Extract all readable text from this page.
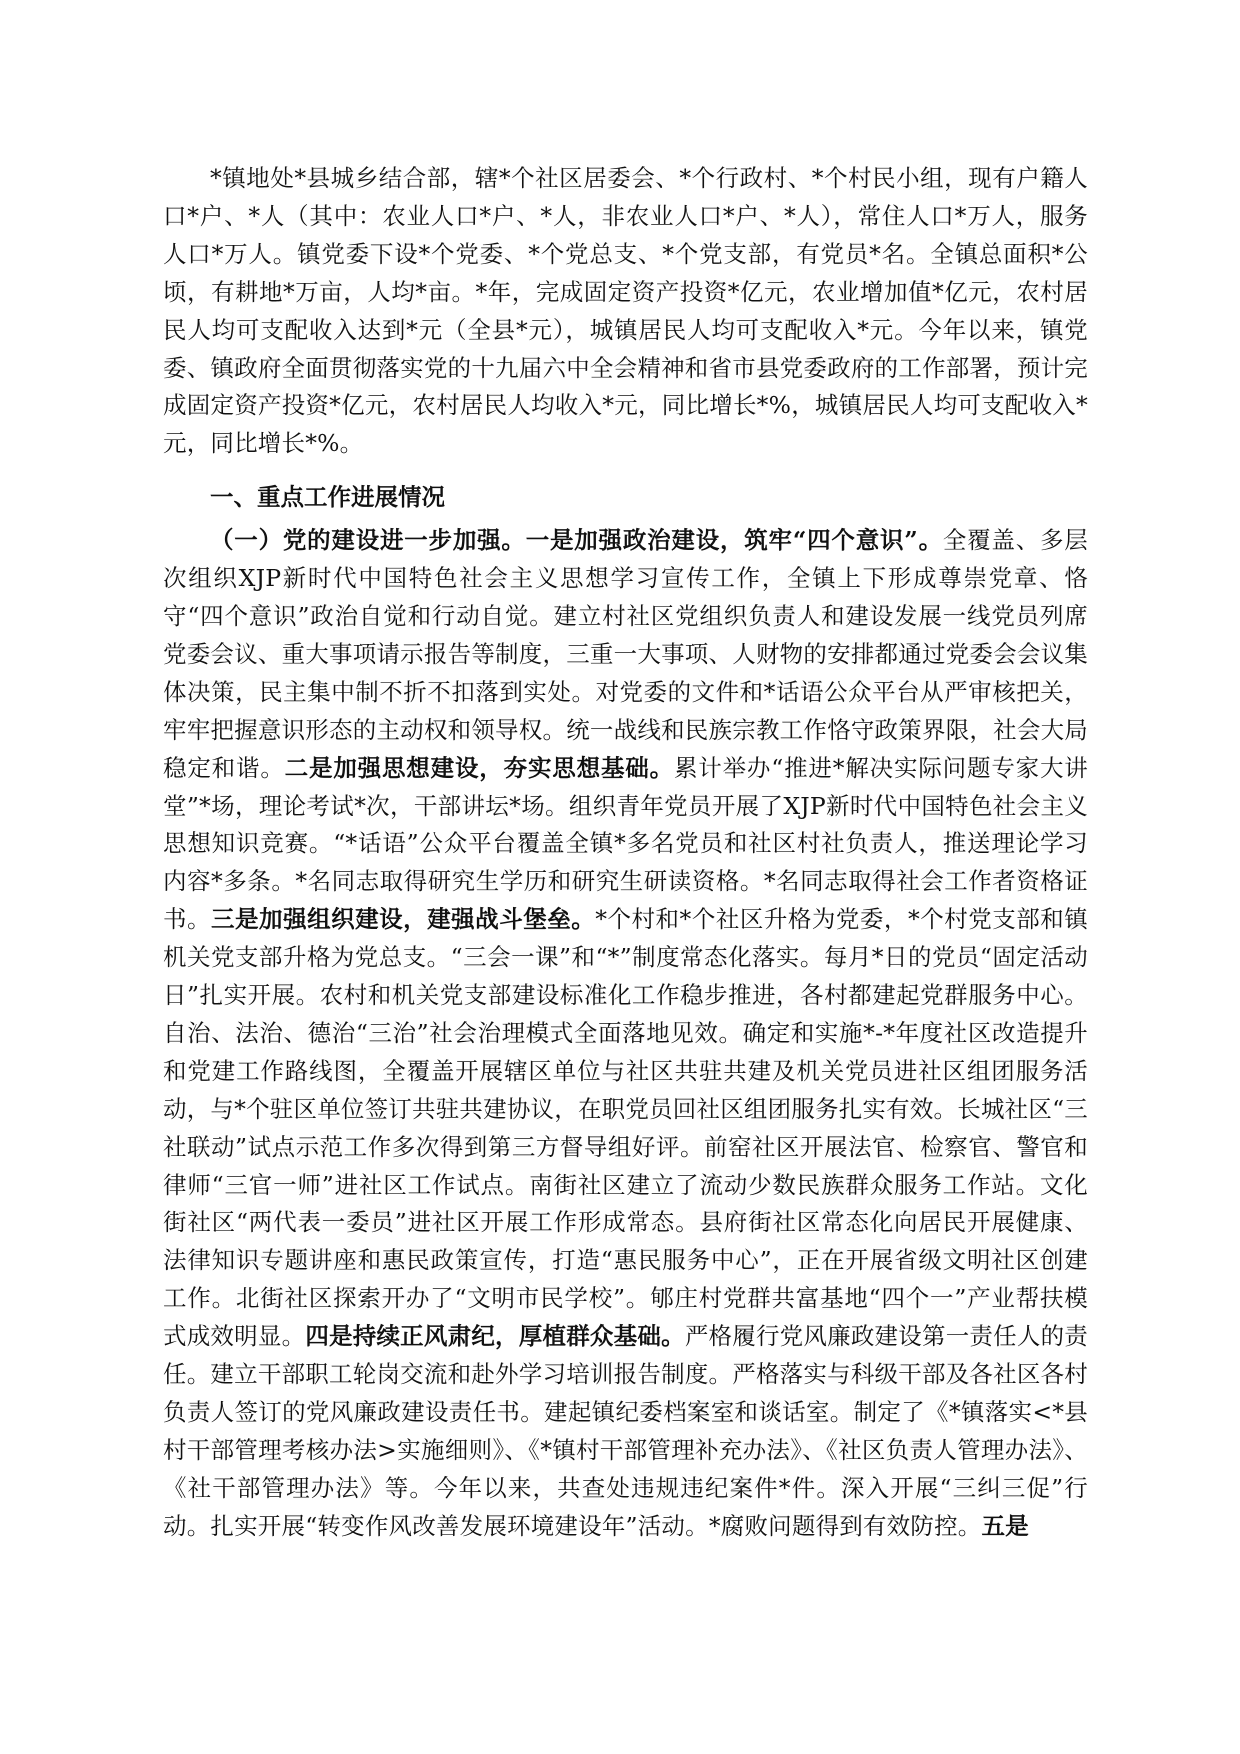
*镇地处*县城乡结合部，辖*个社区居委会、*个行政村、*个村民小组，现有户籍人口*户、*人（其中：农业人口*户、*人，非农业人口*户、*人），常住人口*万人，服务人口*万人。镇党委下设*个党委、*个党总支、*个党支部，有党员*名。全镇总面积*公顷，有耕地*万亩，人均*亩。*年，完成固定资产投资*亿元，农业增加值*亿元，农村居民人均可支配收入达到*元（全县*元），城镇居民人均可支配收入*元。今年以来，镇党委、镇政府全面贯彻落实党的十九届六中全会精神和省市县党委政府的工作部署，预计完成固定资产投资*亿元，农村居民人均收入*元，同比增长*%，城镇居民人均可支配收入*元，同比增长*%。

一、重点工作进展情况

（一）党的建设进一步加强。一是加强政治建设，筑牢“四个意识”。全覆盖、多层次组织XJP新时代中国特色社会主义思想学习宣传工作，全镇上下形成尊崇党章、恪守“四个意识”政治自觉和行动自觉。建立村社区党组织负责人和建设发展一线党员列席党委会议、重大事项请示报告等制度，三重一大事项、人财物的安排都通过党委会会议集体决策，民主集中制不折不扣落到实处。对党委的文件和*话语公众平台从严审核把关，牢牢把握意识形态的主动权和领导权。统一战线和民族宗教工作恪守政策界限，社会大局稳定和谐。二是加强思想建设，夯实思想基础。累计举办“推进*解决实际问题专家大讲堂”*场，理论考试*次，干部讲坛*场。组织青年党员开展了XJP新时代中国特色社会主义思想知识竞赛。“*话语”公众平台覆盖全镇*多名党员和社区村社负责人，推送理论学习内容*多条。*名同志取得研究生学历和研究生研读资格。*名同志取得社会工作者资格证书。三是加强组织建设，建强战斗堡垒。*个村和*个社区升格为党委，*个村党支部和镇机关党支部升格为党总支。“三会一课”和“*”制度常态化落实。每月*日的党员“固定活动日”扎实开展。农村和机关党支部建设标准化工作稳步推进，各村都建起党群服务中心。自治、法治、德治“三治”社会治理模式全面落地见效。确定和实施*-*年度社区改造提升和党建工作路线图，全覆盖开展辖区单位与社区共驻共建及机关党员进社区组团服务活动，与*个驻区单位签订共驻共建协议，在职党员回社区组团服务扎实有效。长城社区“三社联动”试点示范工作多次得到第三方督导组好评。前窑社区开展法官、检察官、警官和律师“三官一师”进社区工作试点。南街社区建立了流动少数民族群众服务工作站。文化街社区“两代表一委员”进社区开展工作形成常态。县府街社区常态化向居民开展健康、法律知识专题讲座和惠民政策宣传，打造“惠民服务中心”，正在开展省级文明社区创建工作。北街社区探索开办了“文明市民学校”。郇庄村党群共富基地“四个一”产业帮扶模式成效明显。四是持续正风肃纪，厚植群众基础。严格履行党风廉政建设第一责任人的责任。建立干部职工轮岗交流和赴外学习培训报告制度。严格落实与科级干部及各社区各村负责人签订的党风廉政建设责任书。建起镇纪委档案室和谈话室。制定了《*镇落实<*县村干部管理考核办法>实施细则》、《*镇村干部管理补充办法》、《社区负责人管理办法》、《社干部管理办法》等。今年以来，共查处违规违纪案件*件。深入开展“三纠三促”行动。扎实开展“转变作风改善发展环境建设年”活动。*腐败问题得到有效防控。五是
